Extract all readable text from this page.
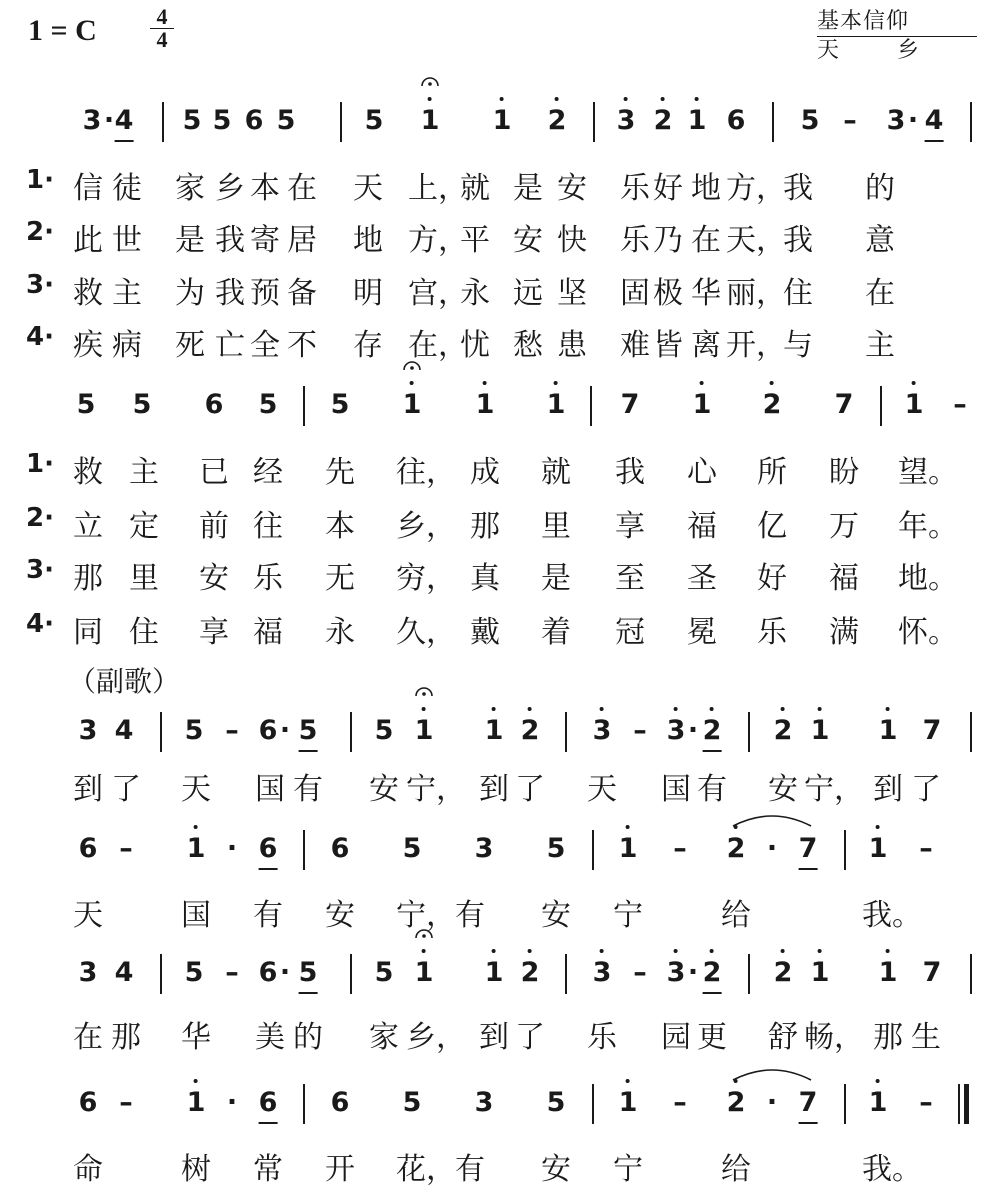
1 = C $\frac{4}{4}$	基本信仰
天乡
3 · 4 5 5 6 5	5 1 1 2 3 2 1 6 5 – 3 · 4
1· 信 徒 家 乡 本 在 天 上，
就 是 安 乐 好 地 方，
我 的
2· 此 世 是 我 寄 居 地 方，
平 安 快 乐 乃 在 天，
我 意
3· 救 主 为 我 预 备 明 宫，
永 远 坚 固 极 华 丽，
住 在
4· 疾 病 死 亡 全 不 存 在，
忧 愁 患 难 皆 离 开，
与 主
5 5 6 5 5 1 1 1 7 1 2 7 1 –
1· 救 主 已 经 先 往， 成 就 我 心 所 盼 望。
2· 立 定 前 往 本 乡， 那 里 享 福 亿 万 年。
3· 那 里 安 乐 无 穷， 真 是 至 圣 好 福 地。
4· 同 住 享 福 永 久， 戴 着 冠 冕 乐 满 怀。
3 4 5 – 6 · 5 5 1 1 2 3 – 3 · 2 2 1 1 7
到 了 天 国 有 安 宁， 到 了 天 国 有 安 宁， 到 了
6 – 1 · 6 6 5 3 5 1 – 2 · 7 1 –
天	国 有 安 宁， 有 安 宁	给	我。
3 4 5 – 6 · 5 5 1 1 2 3 – 3 · 2 2 1 1 7
在 那 华 美 的 家 乡， 到 了 乐 园 更 舒 畅， 那 生
6 – 1 · 6 6 5 3 5 1 – 2 · 7 1 –
命	树 常 开 花， 有 安 宁	给	我。
（副歌）
